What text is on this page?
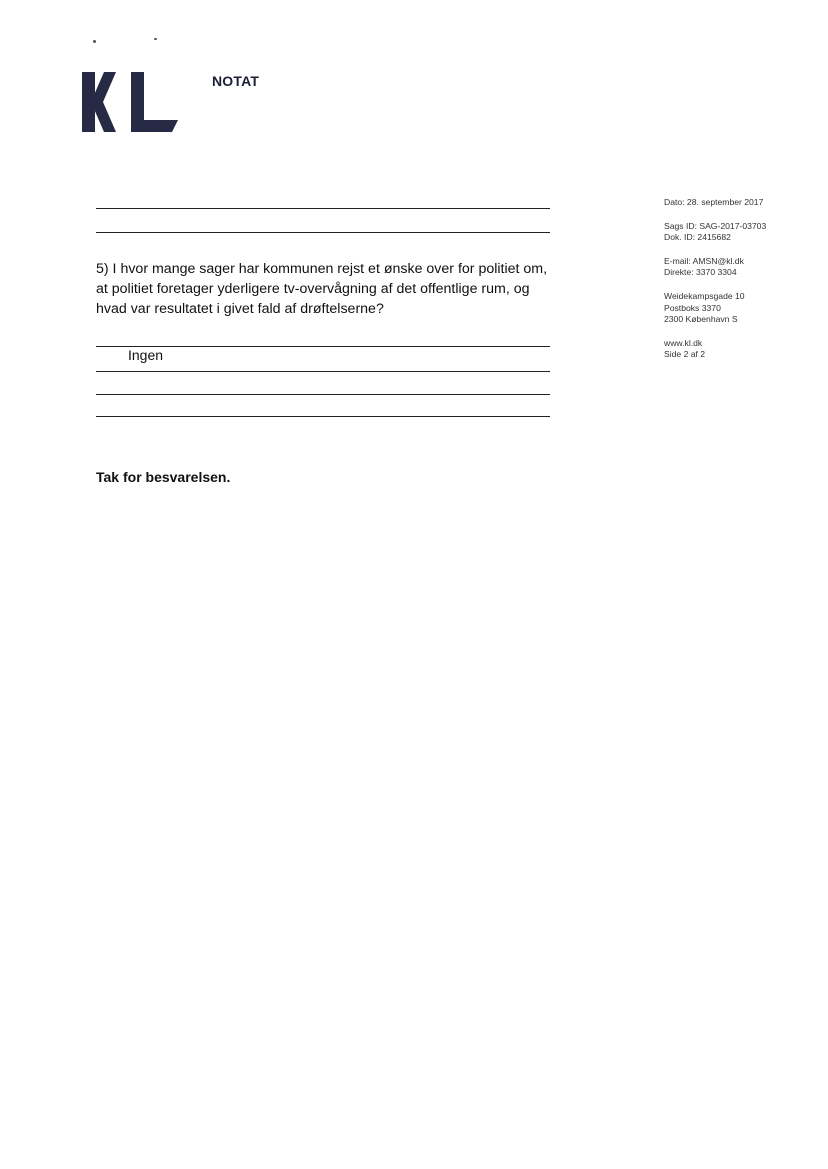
NOTAT
5) I hvor mange sager har kommunen rejst et ønske over for politiet om, at politiet foretager yderligere tv-overvågning af det offentlige rum, og hvad var resultatet i givet fald af drøftelserne?
Ingen
Tak for besvarelsen.
Dato: 28. september 2017
Sags ID: SAG-2017-03703
Dok. ID: 2415682
E-mail: AMSN@kl.dk
Direkte: 3370 3304
Weidekampsgade 10
Postboks 3370
2300 København S
www.kl.dk
Side 2 af 2
